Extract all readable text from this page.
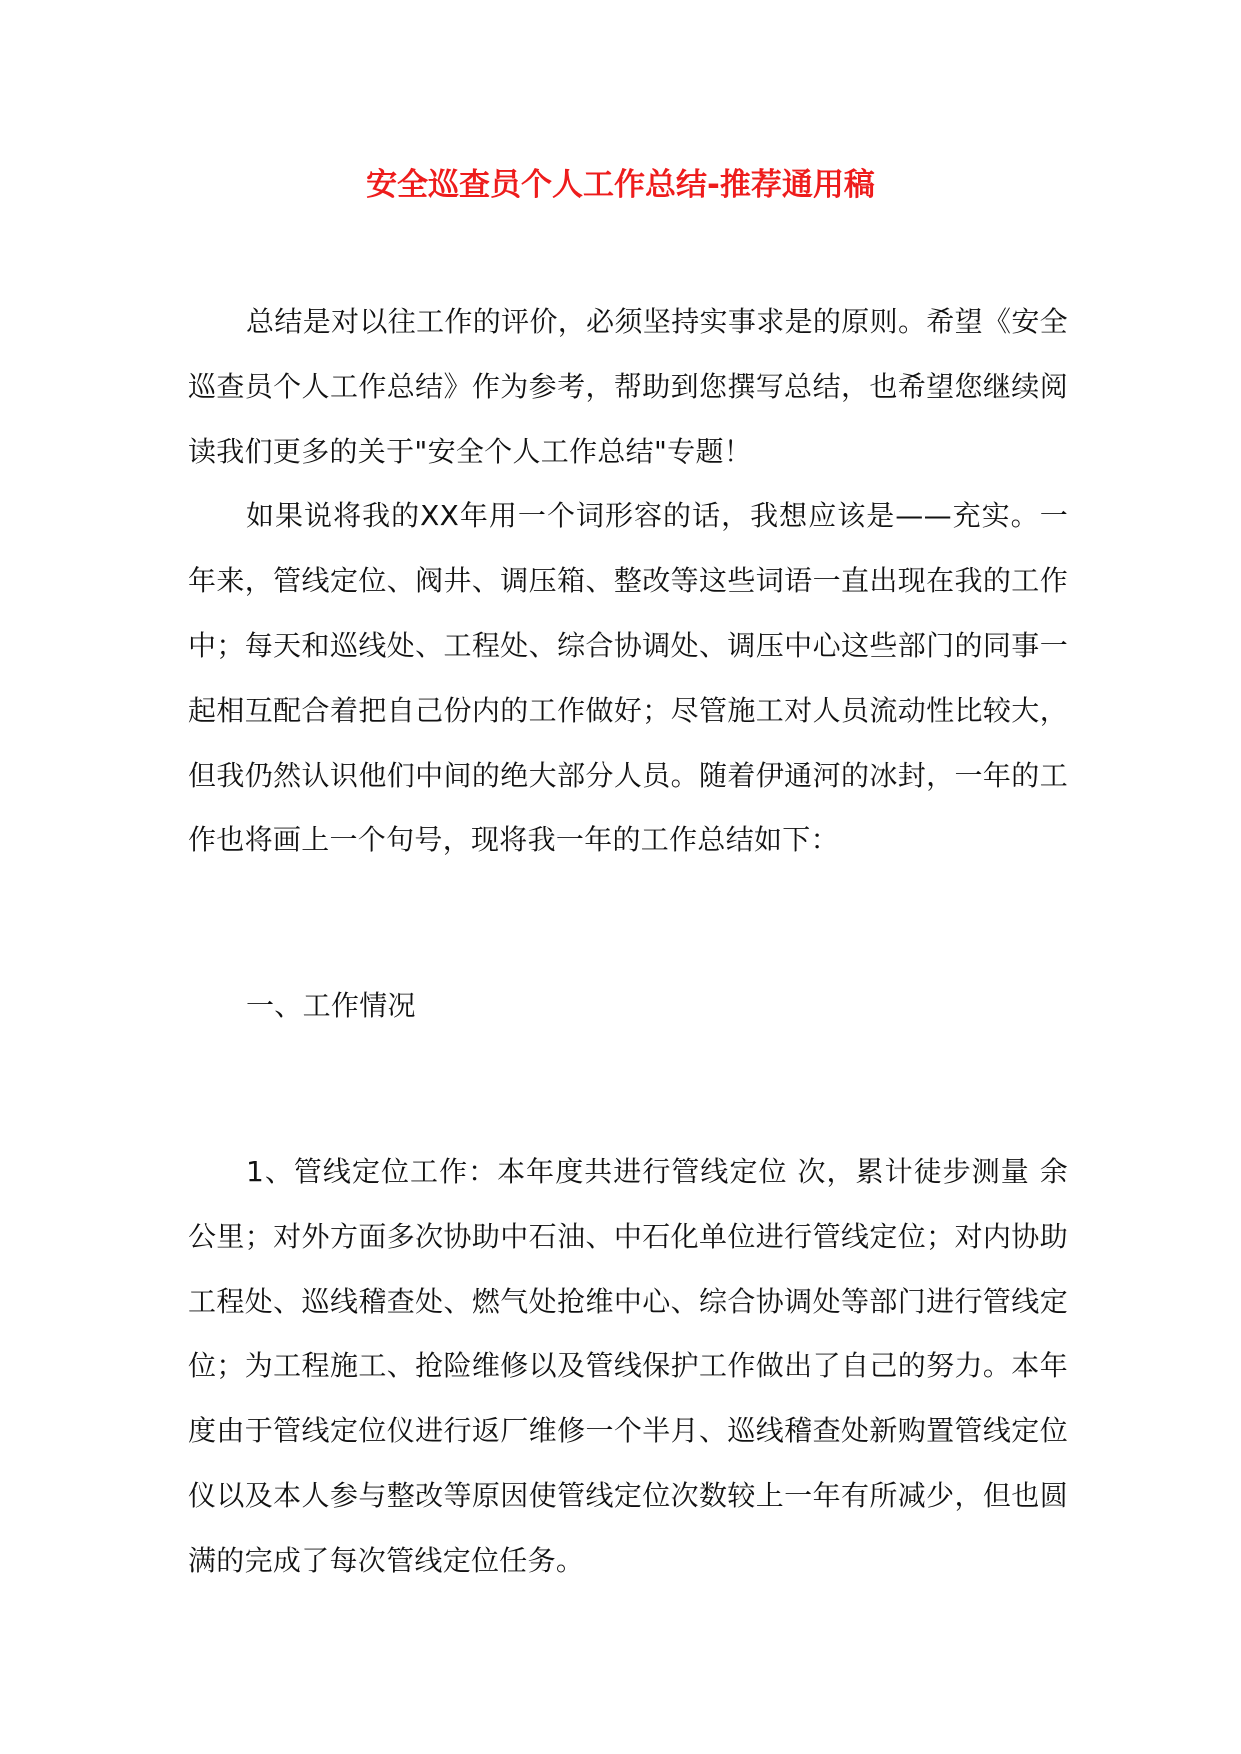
安全巡查员个人工作总结-推荐通用稿

总结是对以往工作的评价，必须坚持实事求是的原则。希望《安全巡查员个人工作总结》作为参考，帮助到您撰写总结，也希望您继续阅读我们更多的关于"安全个人工作总结"专题！

如果说将我的XX年用一个词形容的话，我想应该是——充实。一年来，管线定位、阀井、调压箱、整改等这些词语一直出现在我的工作中；每天和巡线处、工程处、综合协调处、调压中心这些部门的同事一起相互配合着把自己份内的工作做好；尽管施工对人员流动性比较大，但我仍然认识他们中间的绝大部分人员。随着伊通河的冰封，一年的工作也将画上一个句号，现将我一年的工作总结如下：

一、工作情况

1、管线定位工作：本年度共进行管线定位 次，累计徒步测量 余公里；对外方面多次协助中石油、中石化单位进行管线定位；对内协助工程处、巡线稽查处、燃气处抢维中心、综合协调处等部门进行管线定位；为工程施工、抢险维修以及管线保护工作做出了自己的努力。本年度由于管线定位仪进行返厂维修一个半月、巡线稽查处新购置管线定位仪以及本人参与整改等原因使管线定位次数较上一年有所减少，但也圆满的完成了每次管线定位任务。
